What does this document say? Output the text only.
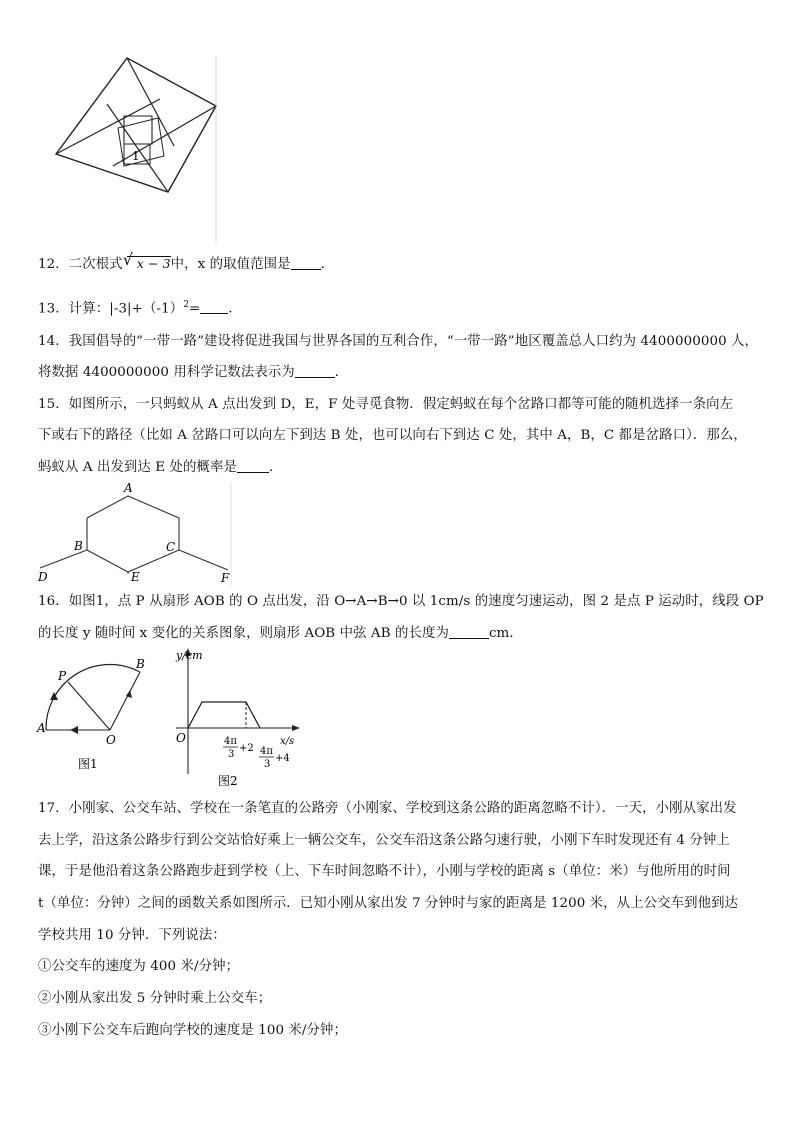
1
12．二次根式√ x − 3中，x 的取值范围是 ．
13．计算：$|-3|+(-1)^2=$ ．
14．我国倡导的“一带一路”建设将促进我国与世界各国的互利合作，“一带一路”地区覆盖总人口约为 4400000000 人，
将数据 4400000000 用科学记数法表示为	．
15．如图所示，一只蚂蚁从 A 点出发到 D，E，F 处寻觅食物．假定蚂蚁在每个岔路口都等可能的随机选择一条向左
下或右下的路径（比如 A 岔路口可以向左下到达 B 处，也可以向右下到达 C 处，其中 A，B，C 都是岔路口）．那么，
蚂蚁从 A 出发到达 E 处的概率是 ．
A
B	C
D	E	F
16．如图1，点 P 从扇形 AOB 的 O 点出发，沿 O→A→B→0 以 1cm/s 的速度匀速运动，图 2 是点 P 运动时，线段 OP
的长度 y 随时间 x 变化的关系图象，则扇形 AOB 中弦 AB 的长度为	cm．
P
B
A
O
图1
y/cm
x/s
O	4π
3
+2 4π
3
+4
图2
17．小刚家、公交车站、学校在一条笔直的公路旁（小刚家、学校到这条公路的距离忽略不计）．一天，小刚从家出发
去上学，沿这条公路步行到公交站恰好乘上一辆公交车，公交车沿这条公路匀速行驶，小刚下车时发现还有 4 分钟上
课，于是他沿着这条公路跑步赶到学校（上、下车时间忽略不计），小刚与学校的距离 s（单位：米）与他所用的时间
t（单位：分钟）之间的函数关系如图所示．已知小刚从家出发 7 分钟时与家的距离是 1200 米，从上公交车到他到达
学校共用 10 分钟．下列说法：
①公交车的速度为 400 米/分钟；
②小刚从家出发 5 分钟时乘上公交车；
③小刚下公交车后跑向学校的速度是 100 米/分钟；
